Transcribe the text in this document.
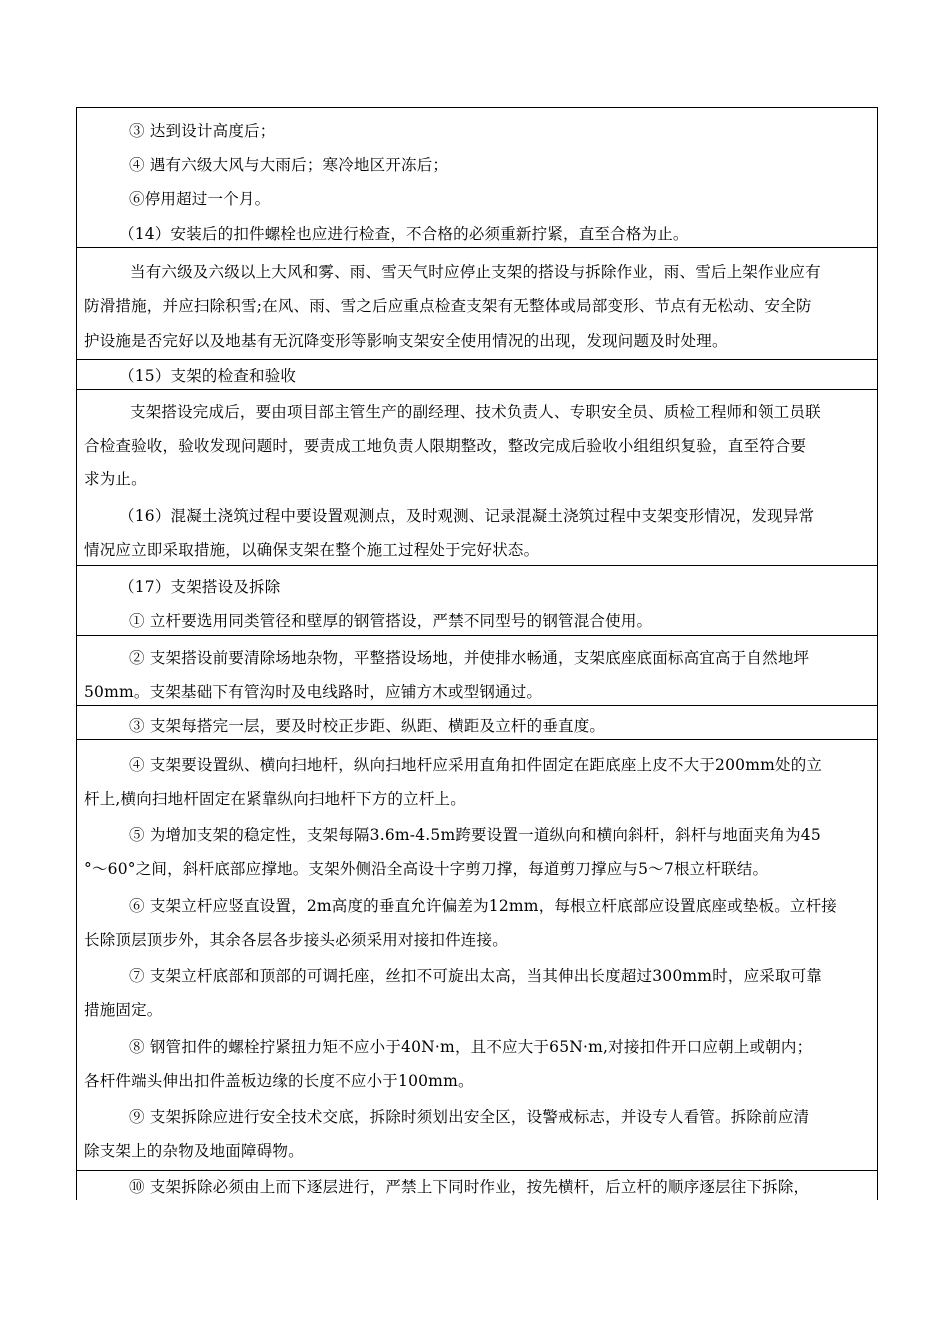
③ 达到设计高度后；
④ 遇有六级大风与大雨后；寒冷地区开冻后；
⑥停用超过一个月。
（14）安装后的扣件螺栓也应进行检查，不合格的必须重新拧紧，直至合格为止。
当有六级及六级以上大风和雾、雨、雪天气时应停止支架的搭设与拆除作业，雨、雪后上架作业应有
防滑措施，并应扫除积雪;在风、雨、雪之后应重点检查支架有无整体或局部变形、节点有无松动、安全防
护设施是否完好以及地基有无沉降变形等影响支架安全使用情况的出现，发现问题及时处理。
（15）支架的检查和验收
支架搭设完成后，要由项目部主管生产的副经理、技术负责人、专职安全员、质检工程师和领工员联
合检查验收，验收发现问题时，要责成工地负责人限期整改，整改完成后验收小组组织复验，直至符合要
求为止。
（16）混凝土浇筑过程中要设置观测点，及时观测、记录混凝土浇筑过程中支架变形情况，发现异常
情况应立即采取措施，以确保支架在整个施工过程处于完好状态。
（17）支架搭设及拆除
① 立杆要选用同类管径和壁厚的钢管搭设，严禁不同型号的钢管混合使用。
② 支架搭设前要清除场地杂物，平整搭设场地，并使排水畅通，支架底座底面标高宜高于自然地坪
50mm。支架基础下有管沟时及电线路时，应铺方木或型钢通过。
③ 支架每搭完一层，要及时校正步距、纵距、横距及立杆的垂直度。
④ 支架要设置纵、横向扫地杆，纵向扫地杆应采用直角扣件固定在距底座上皮不大于200mm处的立
杆上,横向扫地杆固定在紧靠纵向扫地杆下方的立杆上。
⑤ 为增加支架的稳定性，支架每隔3.6m-4.5m跨要设置一道纵向和横向斜杆，斜杆与地面夹角为45
°～60°之间，斜杆底部应撑地。支架外侧沿全高设十字剪刀撑，每道剪刀撑应与5～7根立杆联结。
⑥ 支架立杆应竖直设置，2m高度的垂直允许偏差为12mm，每根立杆底部应设置底座或垫板。立杆接
长除顶层顶步外，其余各层各步接头必须采用对接扣件连接。
⑦ 支架立杆底部和顶部的可调托座，丝扣不可旋出太高，当其伸出长度超过300mm时，应采取可靠
措施固定。
⑧ 钢管扣件的螺栓拧紧扭力矩不应小于40N·m，且不应大于65N·m,对接扣件开口应朝上或朝内；
各杆件端头伸出扣件盖板边缘的长度不应小于100mm。
⑨ 支架拆除应进行安全技术交底，拆除时须划出安全区，设警戒标志，并设专人看管。拆除前应清
除支架上的杂物及地面障碍物。
⑩ 支架拆除必须由上而下逐层进行，严禁上下同时作业，按先横杆，后立杆的顺序逐层往下拆除，
